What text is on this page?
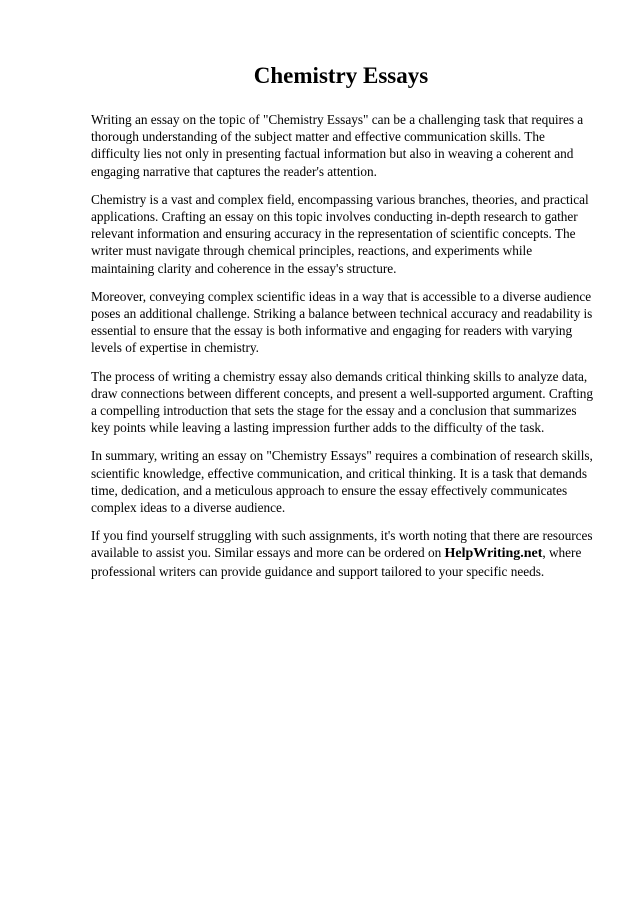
Chemistry Essays

Writing an essay on the topic of "Chemistry Essays" can be a challenging task that requires a thorough understanding of the subject matter and effective communication skills. The difficulty lies not only in presenting factual information but also in weaving a coherent and engaging narrative that captures the reader's attention.

Chemistry is a vast and complex field, encompassing various branches, theories, and practical applications. Crafting an essay on this topic involves conducting in-depth research to gather relevant information and ensuring accuracy in the representation of scientific concepts. The writer must navigate through chemical principles, reactions, and experiments while maintaining clarity and coherence in the essay's structure.

Moreover, conveying complex scientific ideas in a way that is accessible to a diverse audience poses an additional challenge. Striking a balance between technical accuracy and readability is essential to ensure that the essay is both informative and engaging for readers with varying levels of expertise in chemistry.

The process of writing a chemistry essay also demands critical thinking skills to analyze data, draw connections between different concepts, and present a well-supported argument. Crafting a compelling introduction that sets the stage for the essay and a conclusion that summarizes key points while leaving a lasting impression further adds to the difficulty of the task.

In summary, writing an essay on "Chemistry Essays" requires a combination of research skills, scientific knowledge, effective communication, and critical thinking. It is a task that demands time, dedication, and a meticulous approach to ensure the essay effectively communicates complex ideas to a diverse audience.

If you find yourself struggling with such assignments, it's worth noting that there are resources available to assist you. Similar essays and more can be ordered on HelpWriting.net, where professional writers can provide guidance and support tailored to your specific needs.
